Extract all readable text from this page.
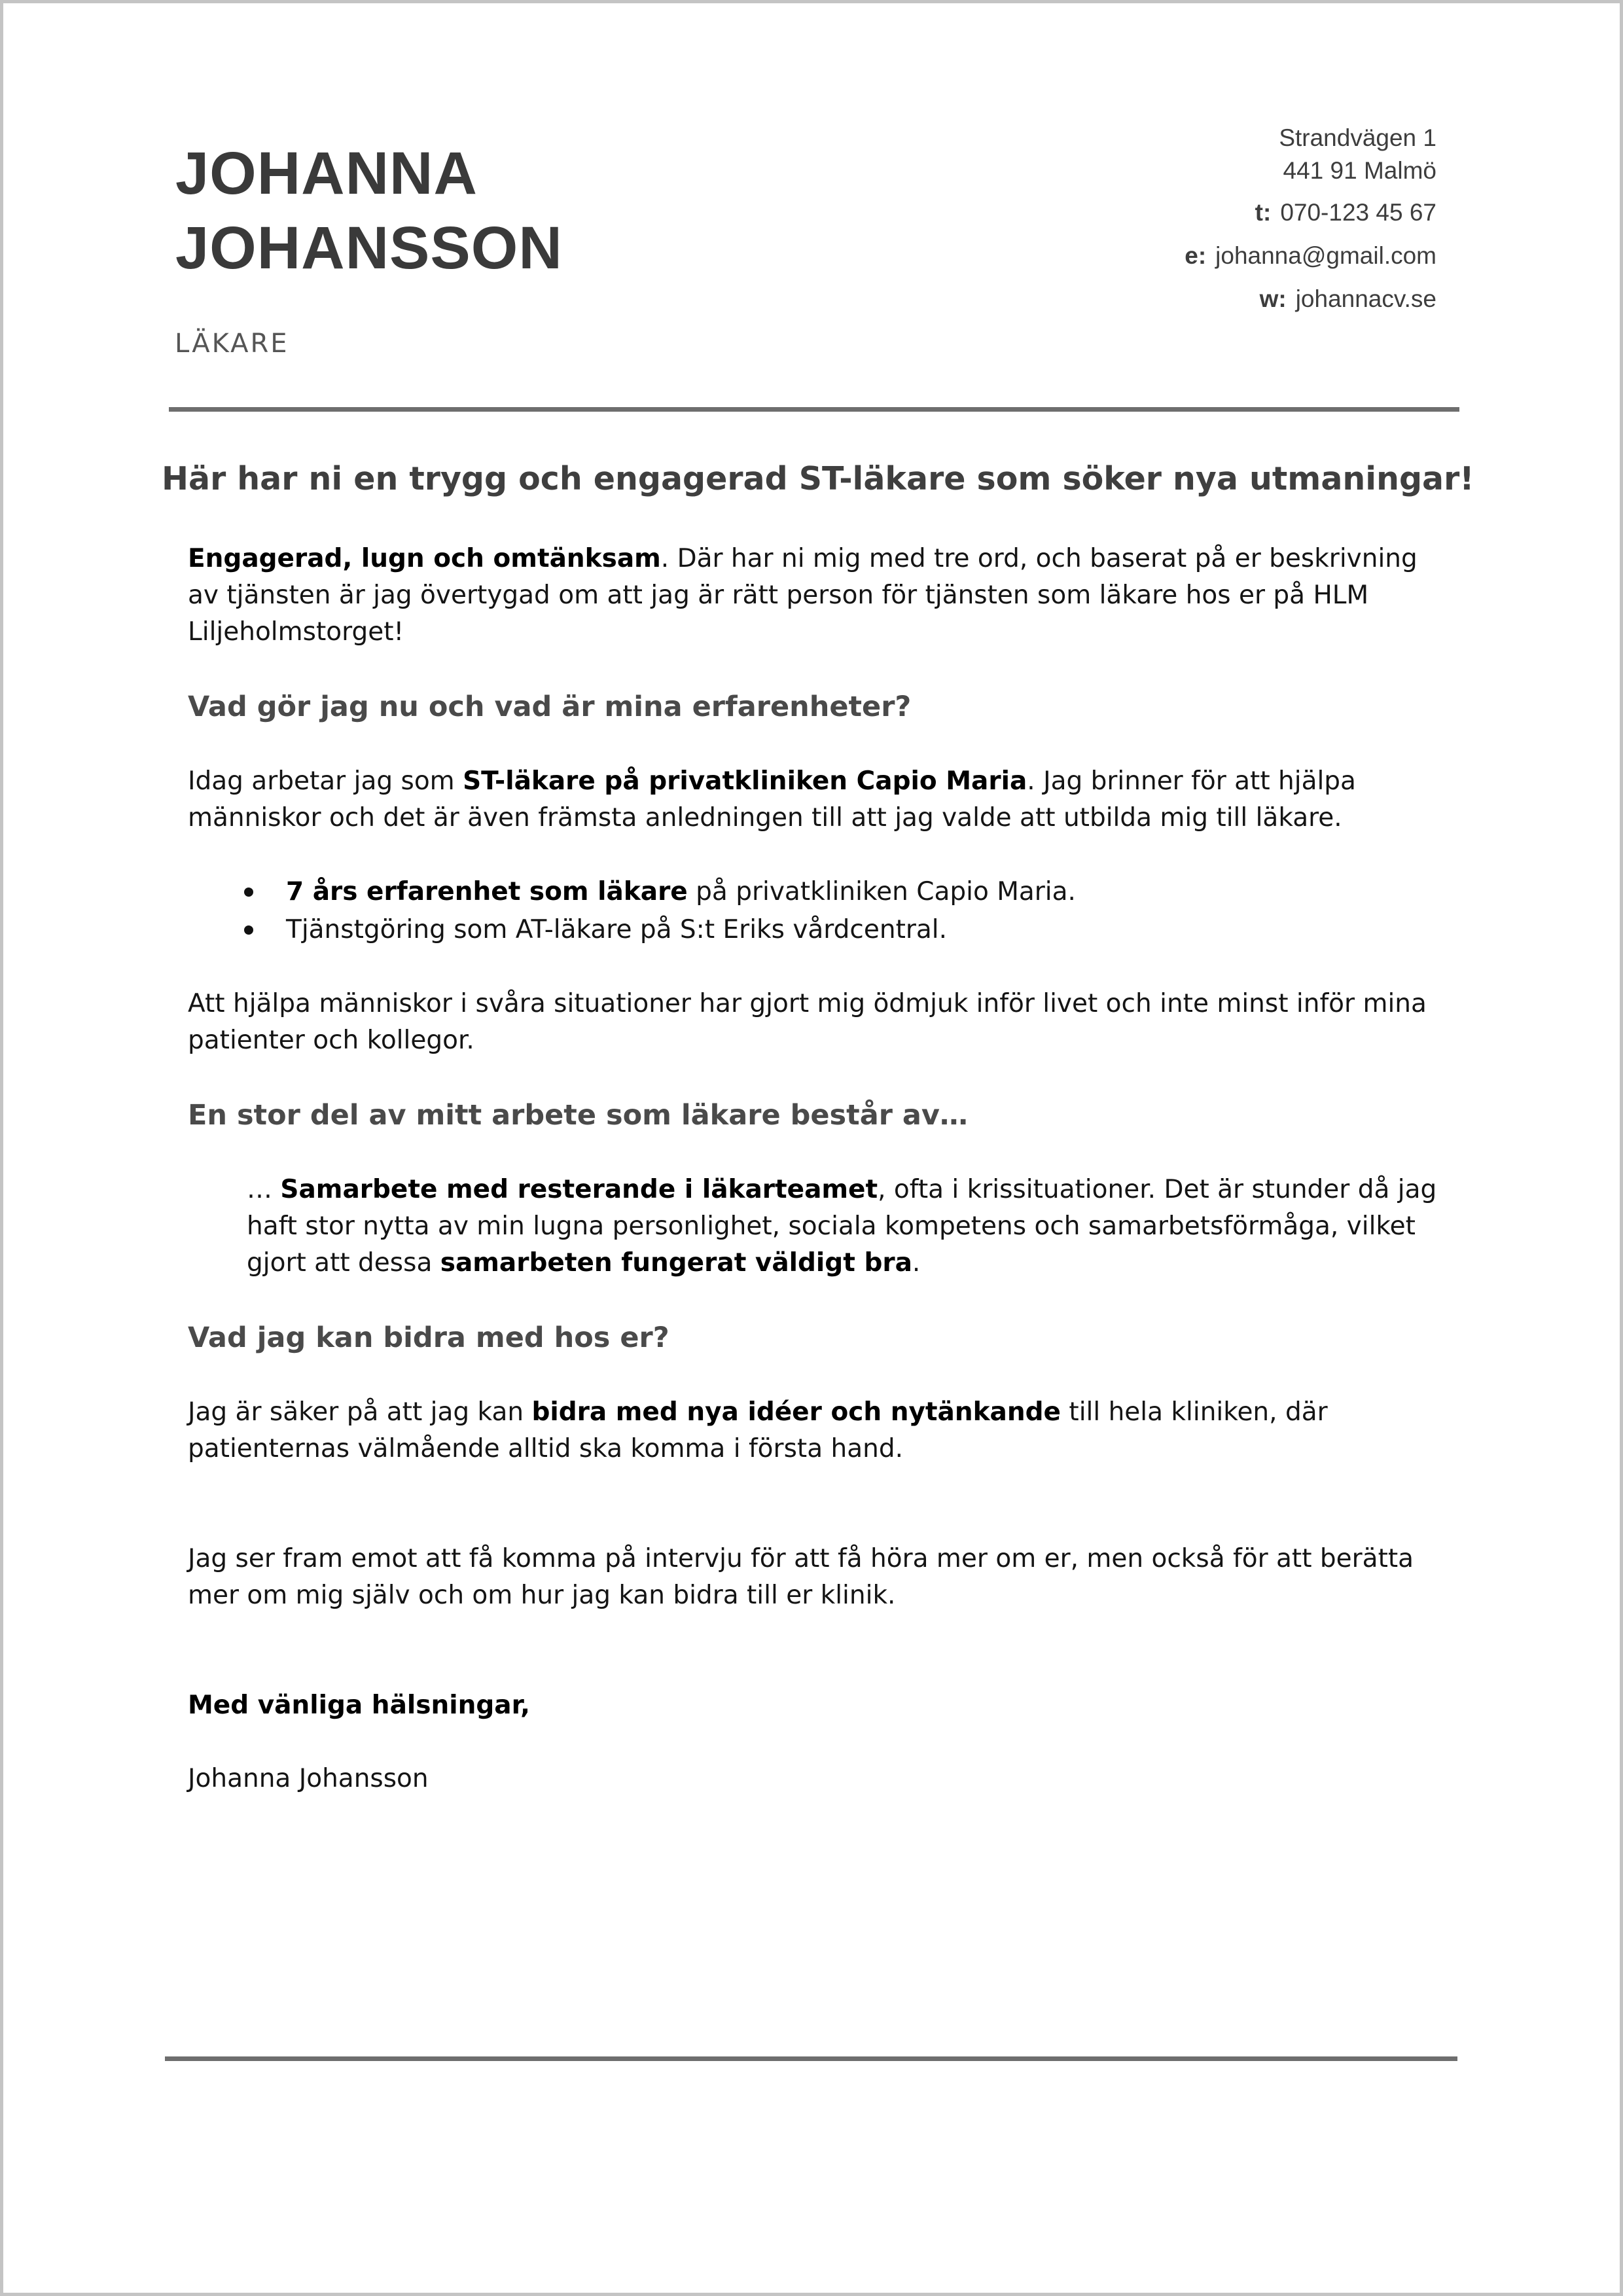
JOHANNA
JOHANSSON
LÄKARE
Strandvägen 1
441 91 Malmö
t: 070-123 45 67
e: johanna@gmail.com
w: johannacv.se
Här har ni en trygg och engagerad ST-läkare som söker nya utmaningar!

Engagerad, lugn och omtänksam. Där har ni mig med tre ord, och baserat på er beskrivning av tjänsten är jag övertygad om att jag är rätt person för tjänsten som läkare hos er på HLM Liljeholmstorget!

Vad gör jag nu och vad är mina erfarenheter?

Idag arbetar jag som ST-läkare på privatkliniken Capio Maria. Jag brinner för att hjälpa människor och det är även främsta anledningen till att jag valde att utbilda mig till läkare.

7 års erfarenhet som läkare på privatkliniken Capio Maria.
Tjänstgöring som AT-läkare på S:t Eriks vårdcentral.

Att hjälpa människor i svåra situationer har gjort mig ödmjuk inför livet och inte minst inför mina patienter och kollegor.

En stor del av mitt arbete som läkare består av…

… Samarbete med resterande i läkarteamet, ofta i krissituationer. Det är stunder då jag haft stor nytta av min lugna personlighet, sociala kompetens och samarbetsförmåga, vilket gjort att dessa samarbeten fungerat väldigt bra.

Vad jag kan bidra med hos er?

Jag är säker på att jag kan bidra med nya idéer och nytänkande till hela kliniken, där patienternas välmående alltid ska komma i första hand.

Jag ser fram emot att få komma på intervju för att få höra mer om er, men också för att berätta mer om mig själv och om hur jag kan bidra till er klinik.

Med vänliga hälsningar,

Johanna Johansson
